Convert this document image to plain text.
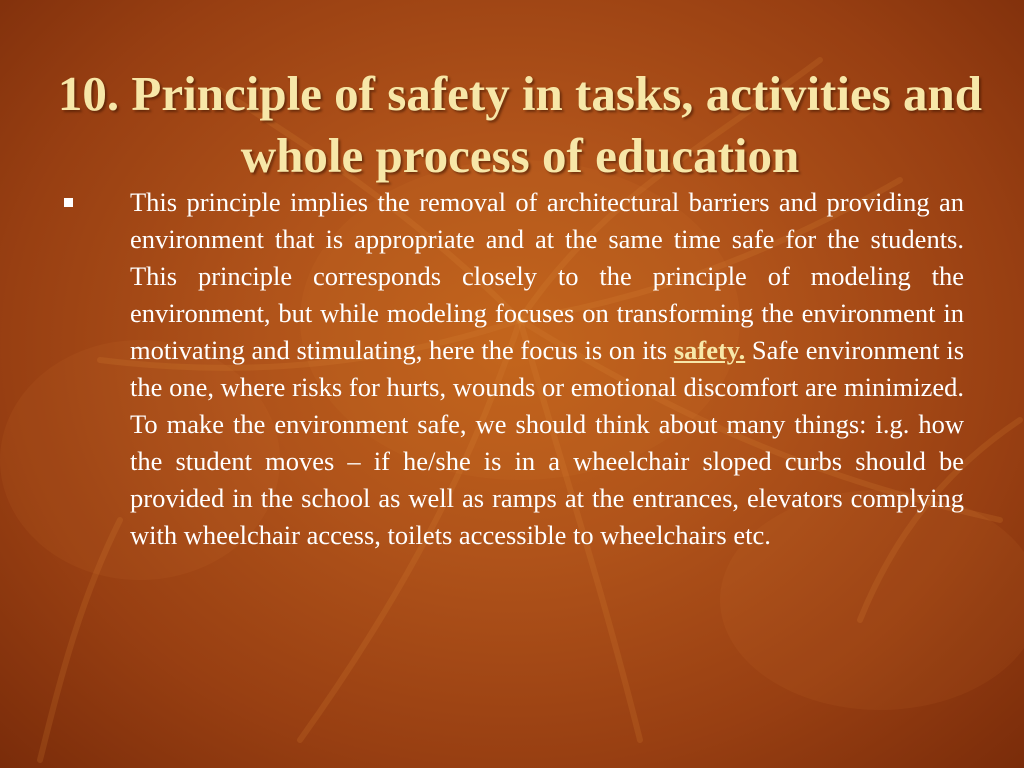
10. Principle of safety in tasks, activities and whole process of education
This principle implies the removal of architectural barriers and providing an environment that is appropriate and at the same time safe for the students. This principle corresponds closely to the principle of modeling the environment, but while modeling focuses on transforming the environment in motivating and stimulating, here the focus is on its safety. Safe environment is the one, where risks for hurts, wounds or emotional discomfort are minimized. To make the environment safe, we should think about many things: i.g. how the student moves – if he/she is in a wheelchair sloped curbs should be provided in the school as well as ramps at the entrances, elevators complying with wheelchair access, toilets accessible to wheelchairs etc.
